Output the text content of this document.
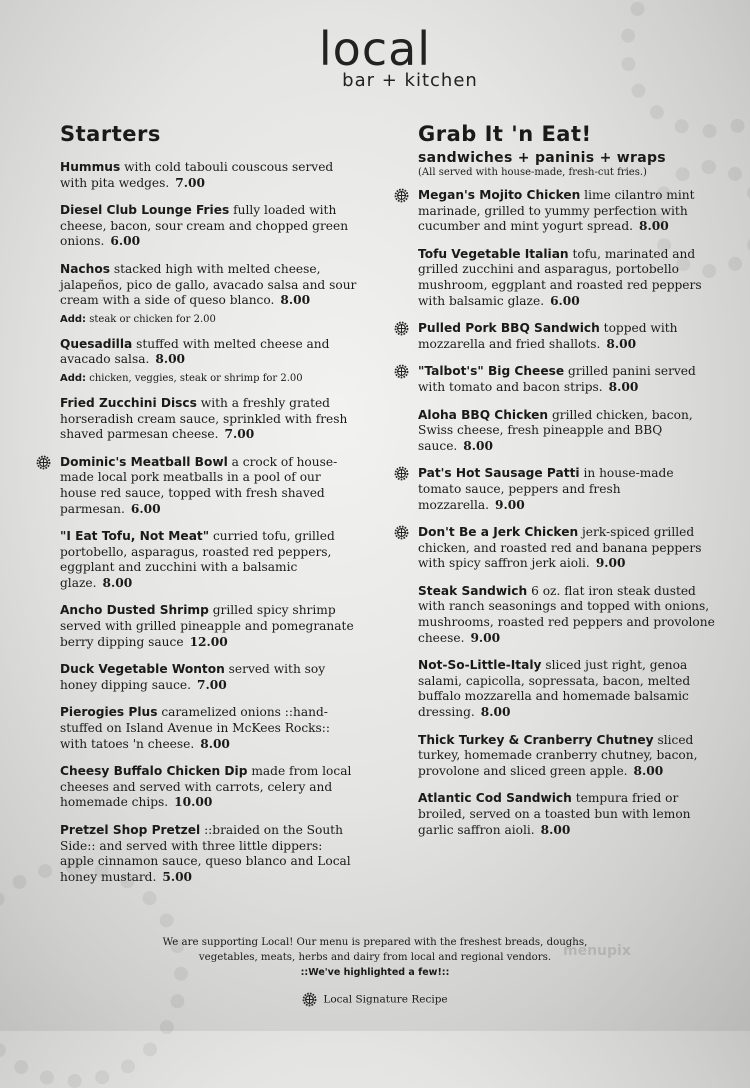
local
bar + kitchen
Starters
Hummus with cold tabouli couscous served with pita wedges. 7.00
Diesel Club Lounge Fries fully loaded with cheese, bacon, sour cream and chopped green onions. 6.00
Nachos stacked high with melted cheese, jalapeños, pico de gallo, avacado salsa and sour cream with a side of queso blanco. 8.00
Add: steak or chicken for 2.00
Quesadilla stuffed with melted cheese and avacado salsa. 8.00
Add: chicken, veggies, steak or shrimp for 2.00
Fried Zucchini Discs with a freshly grated horseradish cream sauce, sprinkled with fresh shaved parmesan cheese. 7.00
Dominic's Meatball Bowl a crock of house-made local pork meatballs in a pool of our house red sauce, topped with fresh shaved parmesan. 6.00
"I Eat Tofu, Not Meat" curried tofu, grilled portobello, asparagus, roasted red peppers, eggplant and zucchini with a balsamic glaze. 8.00
Ancho Dusted Shrimp grilled spicy shrimp served with grilled pineapple and pomegranate berry dipping sauce 12.00
Duck Vegetable Wonton served with soy honey dipping sauce. 7.00
Pierogies Plus caramelized onions ::hand-stuffed on Island Avenue in McKees Rocks:: with tatoes 'n cheese. 8.00
Cheesy Buffalo Chicken Dip made from local cheeses and served with carrots, celery and homemade chips. 10.00
Pretzel Shop Pretzel ::braided on the South Side:: and served with three little dippers: apple cinnamon sauce, queso blanco and Local honey mustard. 5.00
Grab It 'n Eat!
sandwiches + paninis + wraps
(All served with house-made, fresh-cut fries.)
Megan's Mojito Chicken lime cilantro mint marinade, grilled to yummy perfection with cucumber and mint yogurt spread. 8.00
Tofu Vegetable Italian tofu, marinated and grilled zucchini and asparagus, portobello mushroom, eggplant and roasted red peppers with balsamic glaze. 6.00
Pulled Pork BBQ Sandwich topped with mozzarella and fried shallots. 8.00
"Talbot's" Big Cheese grilled panini served with tomato and bacon strips. 8.00
Aloha BBQ Chicken grilled chicken, bacon, Swiss cheese, fresh pineapple and BBQ sauce. 8.00
Pat's Hot Sausage Patti in house-made tomato sauce, peppers and fresh mozzarella. 9.00
Don't Be a Jerk Chicken jerk-spiced grilled chicken, and roasted red and banana peppers with spicy saffron jerk aioli. 9.00
Steak Sandwich 6 oz. flat iron steak dusted with ranch seasonings and topped with onions, mushrooms, roasted red peppers and provolone cheese. 9.00
Not-So-Little-Italy sliced just right, genoa salami, capicolla, sopressata, bacon, melted buffalo mozzarella and homemade balsamic dressing. 8.00
Thick Turkey & Cranberry Chutney sliced turkey, homemade cranberry chutney, bacon, provolone and sliced green apple. 8.00
Atlantic Cod Sandwich tempura fried or broiled, served on a toasted bun with lemon garlic saffron aioli. 8.00
We are supporting Local! Our menu is prepared with the freshest breads, doughs,
vegetables, meats, herbs and dairy from local and regional vendors.
::We've highlighted a few!::
Local Signature Recipe
menupix
